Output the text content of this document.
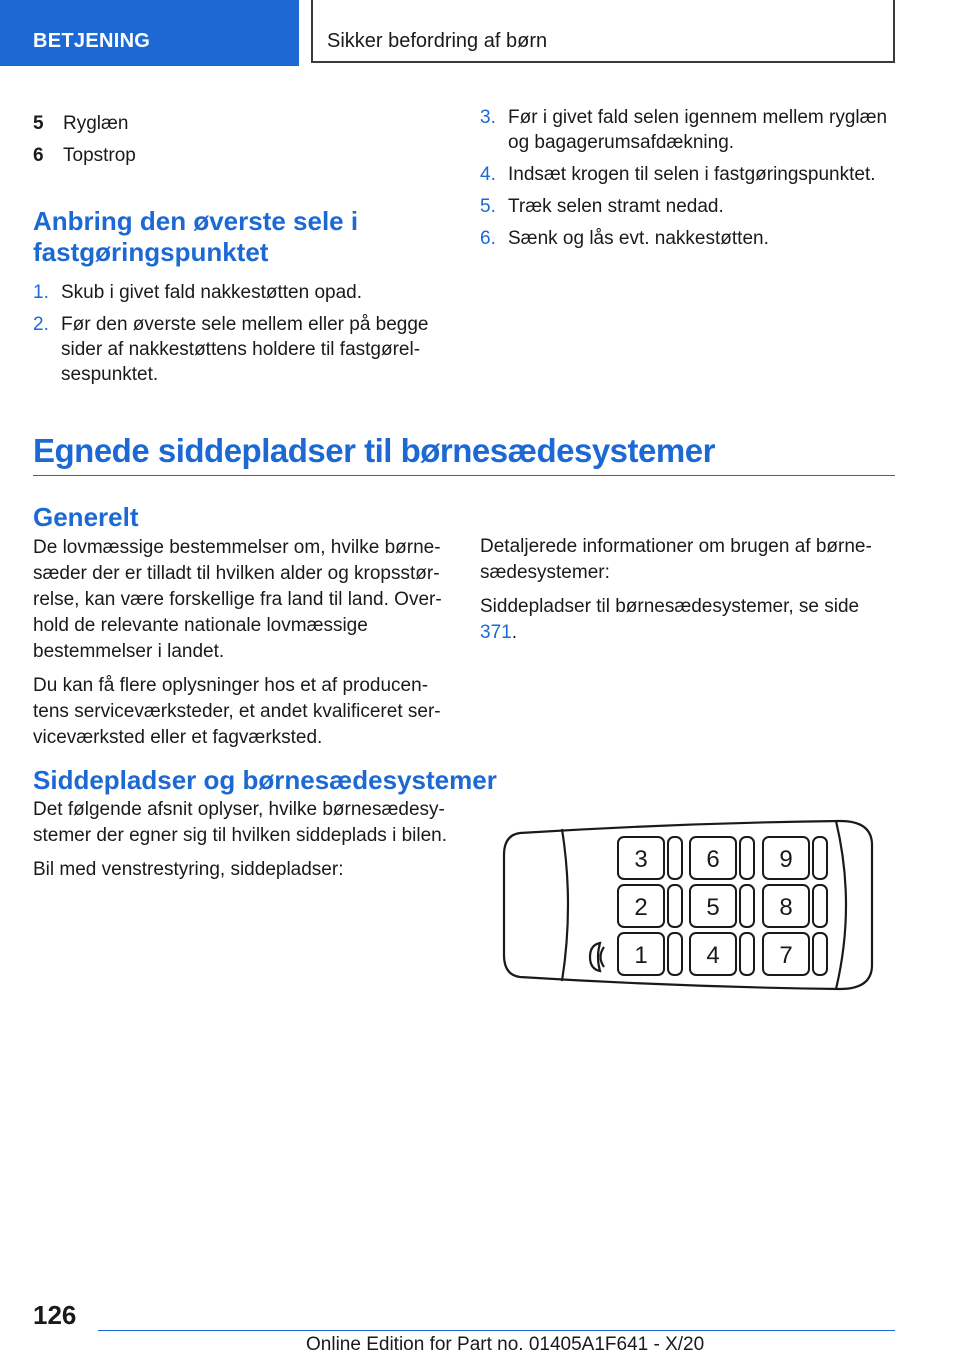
BETJENING	Sikker befordring af børn
5	Ryglæn
6	Topstrop
Anbring den øverste sele i fastgøringspunktet
1. Skub i givet fald nakkestøtten opad.
2. Før den øverste sele mellem eller på begge sider af nakkestøttens holdere til fastgørelsespunktet.
3. Før i givet fald selen igennem mellem ryglæn og bagagerumsafdækning.
4. Indsæt krogen til selen i fastgøringspunktet.
5. Træk selen stramt nedad.
6. Sænk og lås evt. nakkestøtten.
Egnede siddepladser til børnesædesystemer
Generelt

De lovmæssige bestemmelser om, hvilke børnesæder der er tilladt til hvilken alder og kropsstørrelse, kan være forskellige fra land til land. Overhold de relevante nationale lovmæssige bestemmelser i landet.

Du kan få flere oplysninger hos et af producentens serviceværksteder, et andet kvalificeret serviceværksted eller et fagværksted.

Detaljerede informationer om brugen af børnesædesystemer:

Siddepladser til børnesædesystemer, se side 371.

Siddepladser og børnesædesystemer

Det følgende afsnit oplyser, hvilke børnesædesystemer der egner sig til hvilken siddeplads i bilen.

Bil med venstrestyring, siddepladser:	3 6 9
2 5 8
1 4 7
126
Online Edition for Part no. 01405A1F641 - X/20
